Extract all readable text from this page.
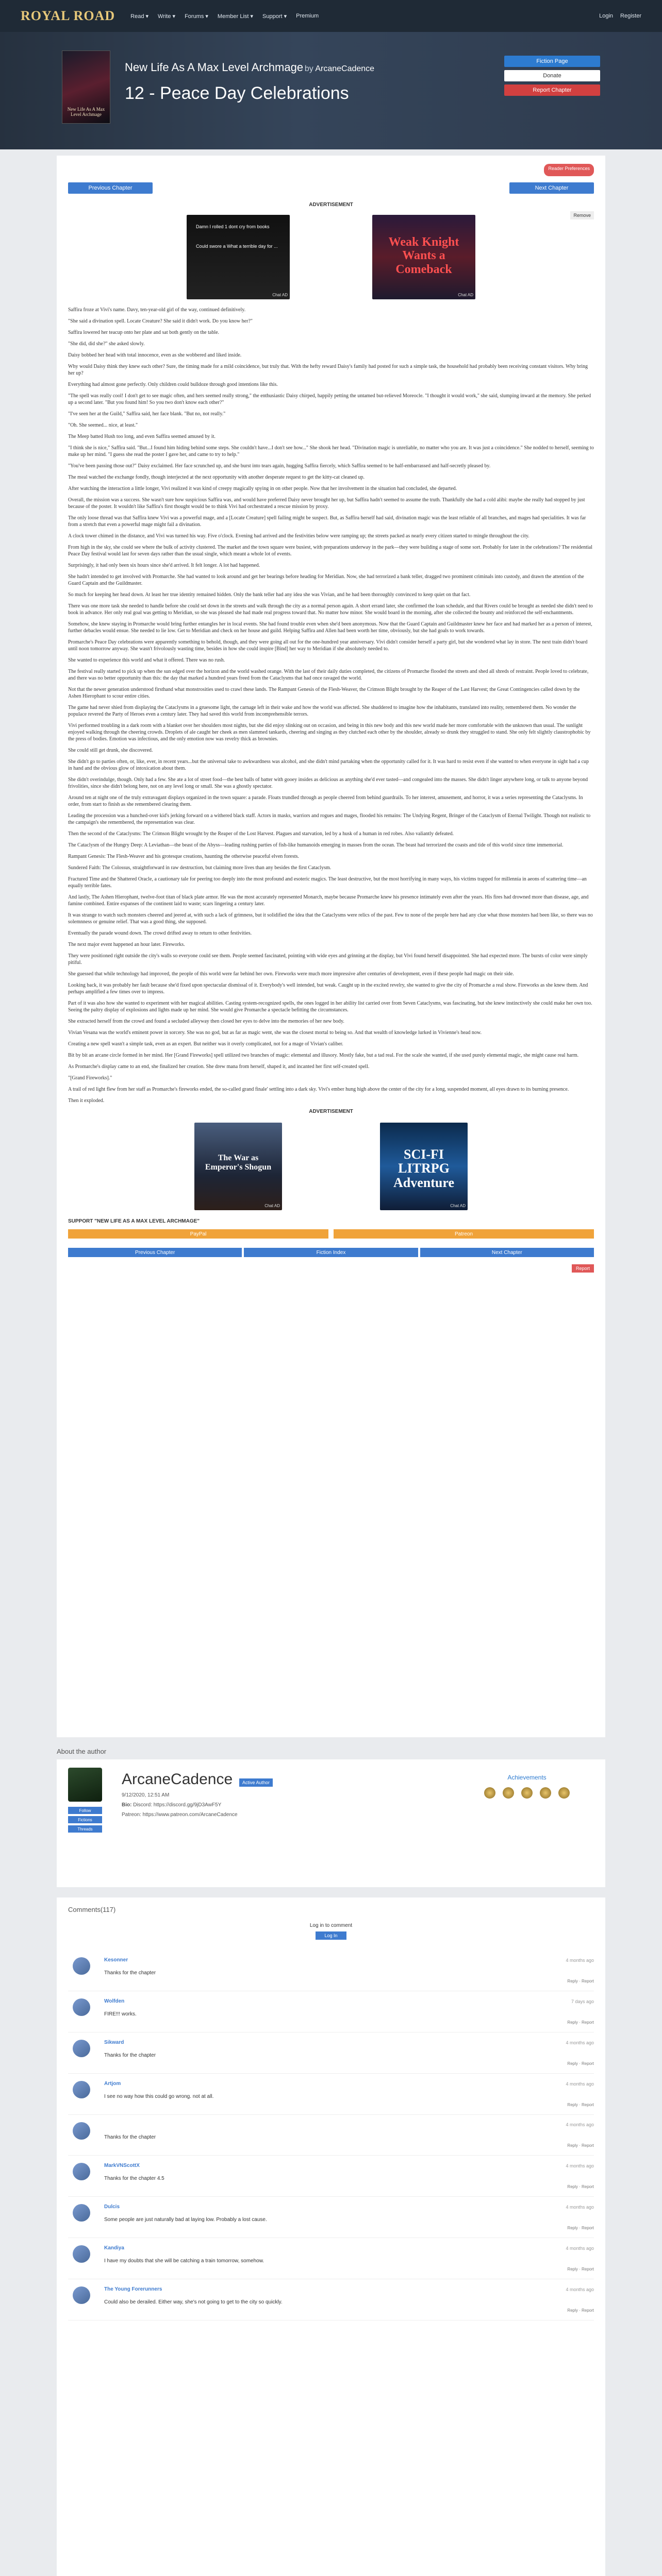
ROYAL ROAD	Read ▾ Write ▾ Forums ▾ Member List ▾ Support ▾ Premium	Login Register
New Life As A Max Level Archmage
New Life As A Max Level Archmage by ArcaneCadence
12 - Peace Day Celebrations
Fiction Page
Donate
Report Chapter
Reader Preferences
Previous Chapter	Next Chapter
ADVERTISEMENT
Remove
Damn I rolled 1 dont cry from books
Could swore a What a terrible day for ...
Chat AD
Weak Knight Wants a Comeback
Chat AD

Saffira froze at Vivi's name. Davy, ten-year-old girl of the way, continued definitively.

"She said a divination spell. Locate Creature? She said it didn't work. Do you know her?"

Saffira lowered her teacup onto her plate and sat both gently on the table.

"She did, did she?" she asked slowly.

Daisy bobbed her head with total innocence, even as she wobbered and liked inside.

Why would Daisy think they knew each other? Sure, the timing made for a mild coincidence, but truly that. With the hefty reward Daisy's family had posted for such a simple task, the household had probably been receiving constant visitors. Why bring her up?

Everything had almost gone perfectly. Only children could bulldoze through good intentions like this.

"The spell was really cool! I don't get to see magic often, and hers seemed really strong," the enthusiastic Daisy chirped, happily petting the untamed but-relieved Moreocle. "I thought it would work," she said, slumping inward at the memory. She perked up a second later. "But you found him! So you two don't know each other?"

"I've seen her at the Guild," Saffira said, her face blank. "But no, not really."

"Oh. She seemed... nice, at least."

The Meep batted Hush too long, and even Saffira seemed amused by it.

"I think she is nice," Saffira said. "But...I found him hiding behind some steps. She couldn't have...I don't see how..." She shook her head. "Divination magic is unreliable, no matter who you are. It was just a coincidence." She nodded to herself, seeming to make up her mind. "I guess she read the poster I gave her, and came to try to help."

"You've been passing those out?" Daisy exclaimed. Her face scrunched up, and she burst into tears again, hugging Saffira fiercely, which Saffira seemed to be half-embarrassed and half-secretly pleased by.

The meal watched the exchange fondly, though interjected at the next opportunity with another desperate request to get the kitty-cat cleaned up.

After watching the interaction a little longer, Vivi realized it was kind of creepy magically spying in on other people. Now that her involvement in the situation had concluded, she departed.

Overall, the mission was a success. She wasn't sure how suspicious Saffira was, and would have preferred Daisy never brought her up, but Saffira hadn't seemed to assume the truth. Thankfully she had a cold alibi: maybe she really had stopped by just because of the poster. It wouldn't like Saffira's first thought would be to think Vivi had orchestrated a rescue mission by proxy.

The only loose thread was that Saffira knew Vivi was a powerful mage, and a [Locate Creature] spell failing might be suspect. But, as Saffira herself had said, divination magic was the least reliable of all branches, and mages had specialities. It was far from a stretch that even a powerful mage might fail a divination.

A clock tower chimed in the distance, and Vivi was turned his way. Five o'clock. Evening had arrived and the festivities below were ramping up; the streets packed as nearly every citizen started to mingle throughout the city.

From high in the sky, she could see where the bulk of activity clustered. The market and the town square were busiest, with preparations underway in the park—they were building a stage of some sort. Probably for later in the celebrations? The residential Peace Day festival would last for seven days rather than the usual single, which meant a whole lot of events.

Surprisingly, it had only been six hours since she'd arrived. It felt longer. A lot had happened.

She hadn't intended to get involved with Promarche. She had wanted to look around and get her bearings before heading for Meridian. Now, she had terrorized a bank teller, dragged two prominent criminals into custody, and drawn the attention of the Guard Captain and the Guildmaster.

So much for keeping her head down. At least her true identity remained hidden. Only the bank teller had any idea she was Vivian, and he had been thoroughly convinced to keep quiet on that fact.

There was one more task she needed to handle before she could set down in the streets and walk through the city as a normal person again. A short errand later, she confirmed the loan schedule, and that Rivers could be brought as needed she didn't need to book in advance. Her only real goal was getting to Meridian, so she was pleased she had made real progress toward that. No matter how minor. She would board in the morning, after she collected the bounty and reinforced the self-enchantments.

Somehow, she knew staying in Promarche would bring further entangles her in local events. She had found trouble even when she'd been anonymous. Now that the Guard Captain and Guildmaster knew her face and had marked her as a person of interest, further debacles would ensue. She needed to lie low. Get to Meridian and check on her house and guild. Helping Saffira and Allen had been worth her time, obviously, but she had goals to work towards.

Promarche's Peace Day celebrations were apparently something to behold, though, and they were going all out for the one-hundred year anniversary. Vivi didn't consider herself a party girl, but she wondered what lay in store. The next train didn't board until noon tomorrow anyway. She wasn't frivolously wasting time, besides in how she could inspire [Bind] her way to Meridian if she absolutely needed to.

She wanted to experience this world and what it offered. There was no rush.

The festival really started to pick up when the sun edged over the horizon and the world washed orange. With the last of their daily duties completed, the citizens of Promarche flooded the streets and shed all shreds of restraint. People loved to celebrate, and there was no better opportunity than this: the day that marked a hundred years freed from the Cataclysms that had once ravaged the world.

Not that the newer generation understood firsthand what monstrosities used to crawl these lands. The Rampant Genesis of the Flesh-Weaver, the Crimson Blight brought by the Reaper of the Last Harvest; the Great Contingencies called down by the Ashen Hierophant to scour entire cities.

The game had never shied from displaying the Cataclysms in a gruesome light, the carnage left in their wake and how the world was affected. She shuddered to imagine how the inhabitants, translated into reality, remembered them. No wonder the populace revered the Party of Heroes even a century later. They had saved this world from incomprehensible terrors.

Vivi performed troubling in a dark room with a blanket over her shoulders most nights, but she did enjoy slinking out on occasion, and being in this new body and this new world made her more comfortable with the unknown than usual. The sunlight enjoyed walking through the cheering crowds. Droplets of ale caught her cheek as men slammed tankards, cheering and singing as they clutched each other by the shoulder, already so drunk they struggled to stand. She only felt slightly claustrophobic by the press of bodies. Emotion was infectious, and the only emotion now was revelry thick as brownies.

She could still get drunk, she discovered.

She didn't go to parties often, or, like, ever, in recent years...but the universal take to awkwardness was alcohol, and she didn't mind partaking when the opportunity called for it. It was hard to resist even if she wanted to when everyone in sight had a cup in hand and the obvious glow of intoxication about them.

She didn't overindulge, though. Only had a few. She ate a lot of street food—the best balls of batter with gooey insides as delicious as anything she'd ever tasted—and congealed into the masses. She didn't linger anywhere long, or talk to anyone beyond frivolities, since she didn't belong here, not on any level long or small. She was a ghostly spectator.

Around ten at night one of the truly extravagant displays organized in the town square: a parade. Floats trundled through as people cheered from behind guardrails. To her interest, amusement, and horror, it was a series representing the Cataclysms. In order, from start to finish as she remembered clearing them.

Leading the procession was a hunched-over kid's jerking forward on a withered black staff. Actors in masks, warriors and rogues and mages, flooded his remains: The Undying Regent, Bringer of the Cataclysm of Eternal Twilight. Though not realistic to the campaign's she remembered, the representation was clear.

Then the second of the Cataclysms: The Crimson Blight wrought by the Reaper of the Lost Harvest. Plagues and starvation, led by a husk of a human in red robes. Also valiantly defeated.

The Cataclysm of the Hungry Deep: A Leviathan—the beast of the Abyss—leading rushing parties of fish-like humanoids emerging in masses from the ocean. The beast had terrorized the coasts and tide of this world since time immemorial.

Rampant Genesis: The Flesh-Weaver and his grotesque creations, haunting the otherwise peaceful elven forests.

Sundered Faith: The Colossus, straightforward in raw destruction, but claiming more lives than any besides the first Cataclysm.

Fractured Time and the Shattered Oracle, a cautionary tale for peering too deeply into the most profound and esoteric magics. The least destructive, but the most horrifying in many ways, his victims trapped for millennia in aeons of scattering time—an equally terrible fates.

And lastly, The Ashen Hierophant, twelve-foot titan of black plate armor. He was the most accurately represented Monarch, maybe because Promarche knew his presence intimately even after the years. His fires had drowned more than disease, age, and famine combined. Entire expanses of the continent laid to waste; scars lingering a century later.

It was strange to watch such monsters cheered and jeered at, with such a lack of grimness, but it solidified the idea that the Cataclysms were relics of the past. Few to none of the people here had any clue what those monsters had been like, so there was no solemnness or genuine relief. That was a good thing, she supposed.

Eventually the parade wound down. The crowd drifted away to return to other festivities.

The next major event happened an hour later. Fireworks.

They were positioned right outside the city's walls so everyone could see them. People seemed fascinated, pointing with wide eyes and grinning at the display, but Vivi found herself disappointed. She had expected more. The bursts of color were simply pitiful.

She guessed that while technology had improved, the people of this world were far behind her own. Fireworks were much more impressive after centuries of development, even if these people had magic on their side.

Looking back, it was probably her fault because she'd fixed upon spectacular dismissal of it. Everybody's well intended, but weak. Caught up in the excited revelry, she wanted to give the city of Promarche a real show. Fireworks as she knew them. And perhaps amplified a few times over to impress.

Part of it was also how she wanted to experiment with her magical abilities. Casting system-recognized spells, the ones logged in her ability list carried over from Seven Cataclysms, was fascinating, but she knew instinctively she could make her own too. Seeing the paltry display of explosions and lights made up her mind. She would give Promarche a spectacle befitting the circumstances.

She extracted herself from the crowd and found a secluded alleyway then closed her eyes to delve into the memories of her new body.

Vivian Vesana was the world's eminent power in sorcery. She was no god, but as far as magic went, she was the closest mortal to being so. And that wealth of knowledge lurked in Vivienne's head now.

Creating a new spell wasn't a simple task, even as an expert. But neither was it overly complicated, not for a mage of Vivian's caliber.

Bit by bit an arcane circle formed in her mind. Her [Grand Fireworks] spell utilized two branches of magic: elemental and illusory. Mostly fake, but a tad real. For the scale she wanted, if she used purely elemental magic, she might cause real harm.

As Promarche's display came to an end, she finalized her creation. She drew mana from herself, shaped it, and incanted her first self-created spell.

"[Grand Fireworks]."

A trail of red light flew from her staff as Promarche's fireworks ended, the so-called grand finale' settling into a dark sky. Vivi's ember hung high above the center of the city for a long, suspended moment, all eyes drawn to its burning presence.

Then it exploded.

ADVERTISEMENT
The War as Emperor's Shogun
Chat AD
SCI-FI LITRPG Adventure
Chat AD
SUPPORT "NEW LIFE AS A MAX LEVEL ARCHMAGE"
PayPal	Patreon
Previous Chapter	Fiction Index	Next Chapter
Report
About the author
Follow
Fictions
Threads
ArcaneCadence Active Author
9/12/2020, 12:51 AM
Bio: Discord: https://discord.gg/9jD3AwF5Y
Patreon: https://www.patreon.com/ArcaneCadence
Achievements
Comments(117)
Log in to comment
Log In
Kesonner	4 months ago
Thanks for the chapter
Reply · Report
Wolfden	7 days ago
FIRE!!! works.
Reply · Report
Sikward	4 months ago
Thanks for the chapter
Reply · Report
Artjom	4 months ago
I see no way how this could go wrong. not at all.
Reply · Report
4 months ago
Thanks for the chapter
Reply · Report
MarkVNScottX	4 months ago
Thanks for the chapter 4.5
Reply · Report
Dulcis	4 months ago
Some people are just naturally bad at laying low. Probably a lost cause.
Reply · Report
Kandiya	4 months ago
I have my doubts that she will be catching a train tomorrow, somehow.
Reply · Report
The Young Forerunners	4 months ago
Could also be derailed. Either way, she's not going to get to the city so quickly.
Reply · Report
